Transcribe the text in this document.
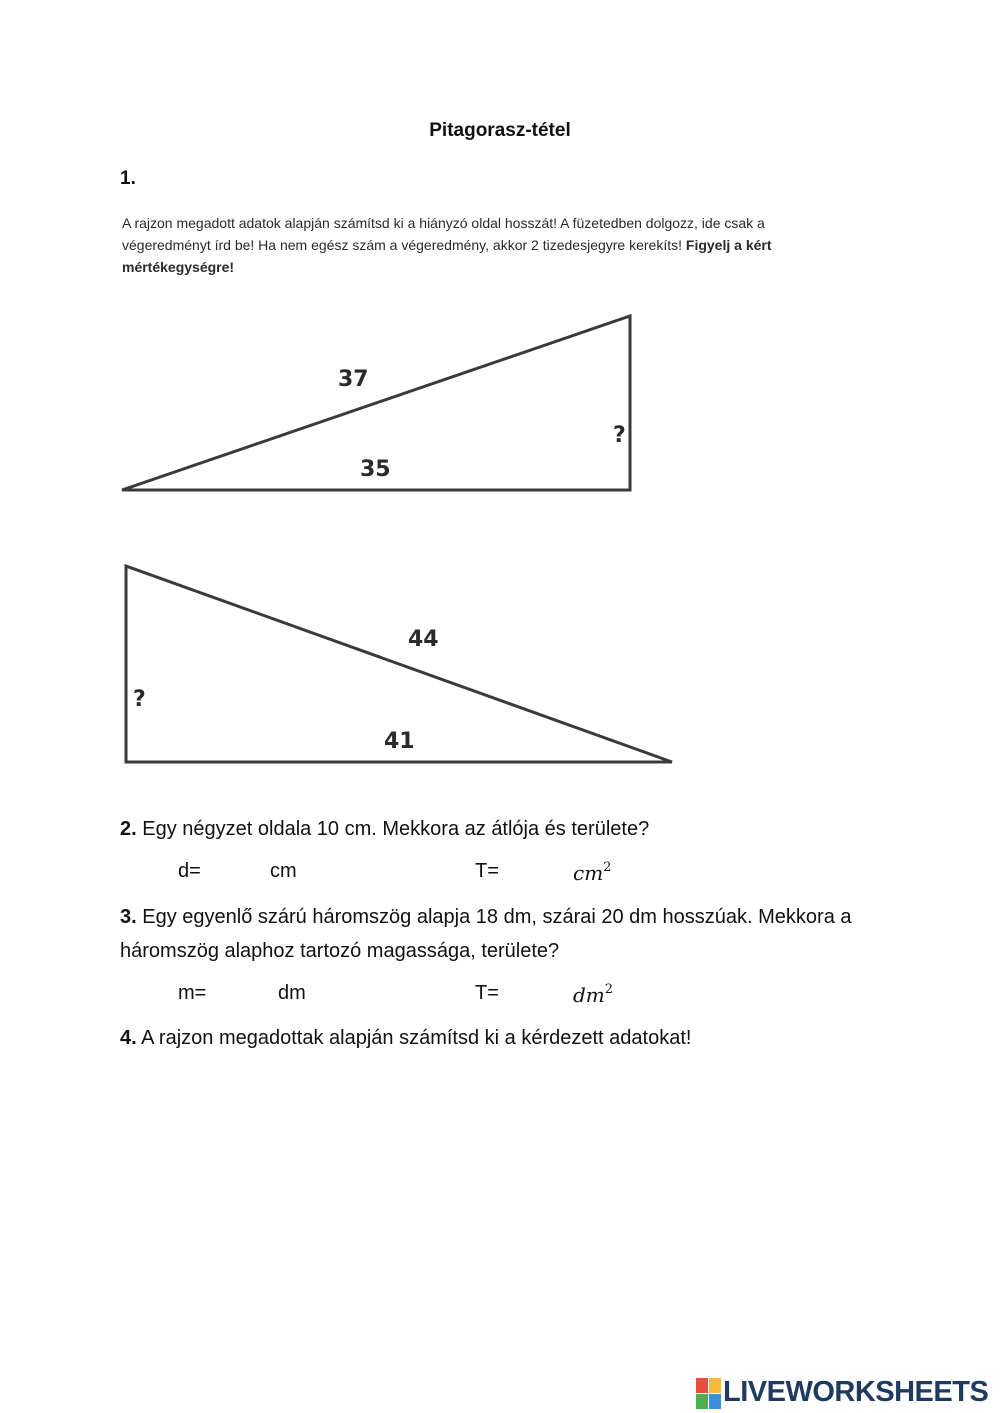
Pitagorasz-tétel
1.
A rajzon megadott adatok alapján számítsd ki a hiányzó oldal hosszát! A füzetedben dolgozz, ide csak a végeredményt írd be! Ha nem egész szám a végeredmény, akkor 2 tizedesjegyre kerekíts! Figyelj a kért mértékegységre!
37
35
?
44
41
?
2. Egy négyzet oldala 10 cm. Mekkora az átlója és területe?
d=	cm	T=	$cm^2$
3. Egy egyenlő szárú háromszög alapja 18 dm, szárai 20 dm hosszúak. Mekkora a háromszög alaphoz tartozó magassága, területe?
m=	dm	T=	$dm^2$
4. A rajzon megadottak alapján számítsd ki a kérdezett adatokat!
LIVEWORKSHEETS
